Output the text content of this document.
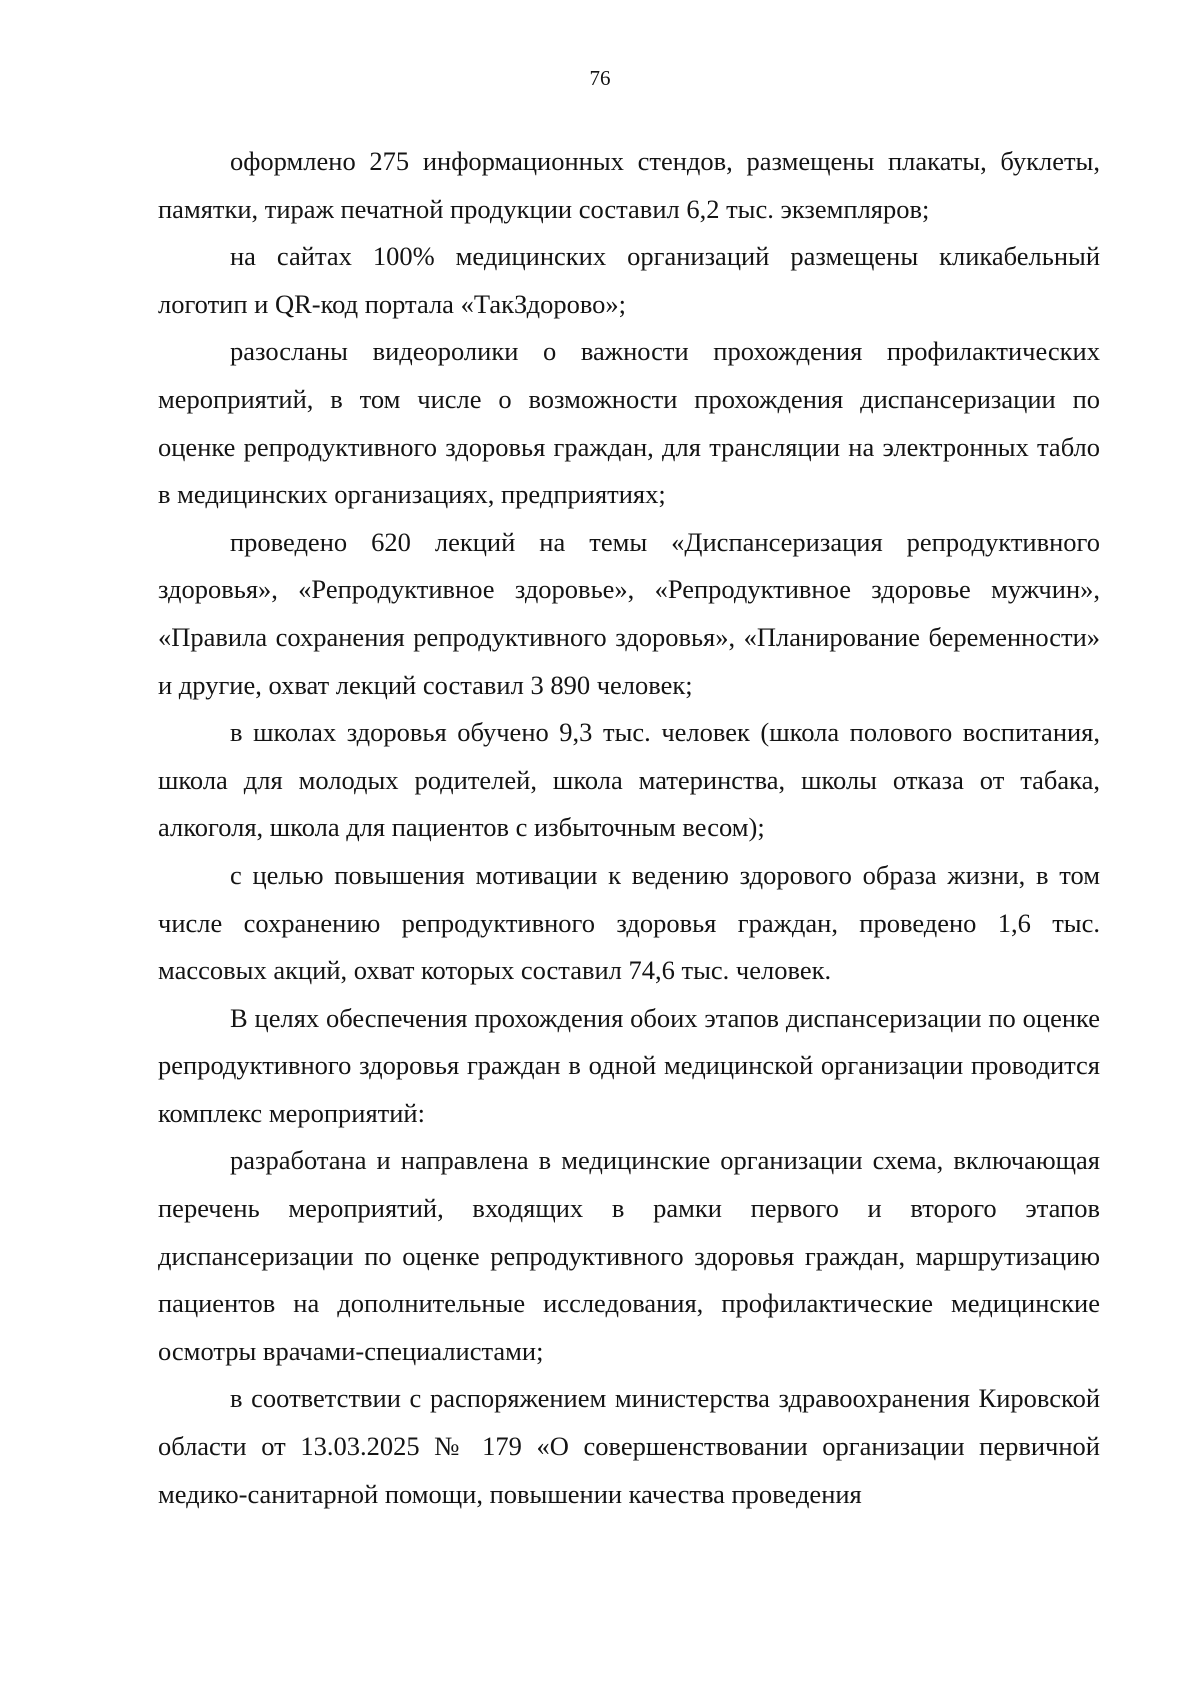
76

оформлено 275 информационных стендов, размещены плакаты, буклеты, памятки, тираж печатной продукции составил 6,2 тыс. экземпляров;

на сайтах 100% медицинских организаций размещены кликабельный логотип и QR-код портала «ТакЗдорово»;

разосланы видеоролики о важности прохождения профилактических мероприятий, в том числе о возможности прохождения диспансеризации по оценке репродуктивного здоровья граждан, для трансляции на электронных табло в медицинских организациях, предприятиях;

проведено 620 лекций на темы «Диспансеризация репродуктивного здоровья», «Репродуктивное здоровье», «Репродуктивное здоровье мужчин», «Правила сохранения репродуктивного здоровья», «Планирование беременности» и другие, охват лекций составил 3 890 человек;

в школах здоровья обучено 9,3 тыс. человек (школа полового воспитания, школа для молодых родителей, школа материнства, школы отказа от табака, алкоголя, школа для пациентов с избыточным весом);

с целью повышения мотивации к ведению здорового образа жизни, в том числе сохранению репродуктивного здоровья граждан, проведено 1,6 тыс. массовых акций, охват которых составил 74,6 тыс. человек.

В целях обеспечения прохождения обоих этапов диспансеризации по оценке репродуктивного здоровья граждан в одной медицинской организации проводится комплекс мероприятий:

разработана и направлена в медицинские организации схема, включающая перечень мероприятий, входящих в рамки первого и второго этапов диспансеризации по оценке репродуктивного здоровья граждан, маршрутизацию пациентов на дополнительные исследования, профилактические медицинские осмотры врачами-специалистами;

в соответствии с распоряжением министерства здравоохранения Кировской области от 13.03.2025 № 179 «О совершенствовании организации первичной медико-санитарной помощи, повышении качества проведения
